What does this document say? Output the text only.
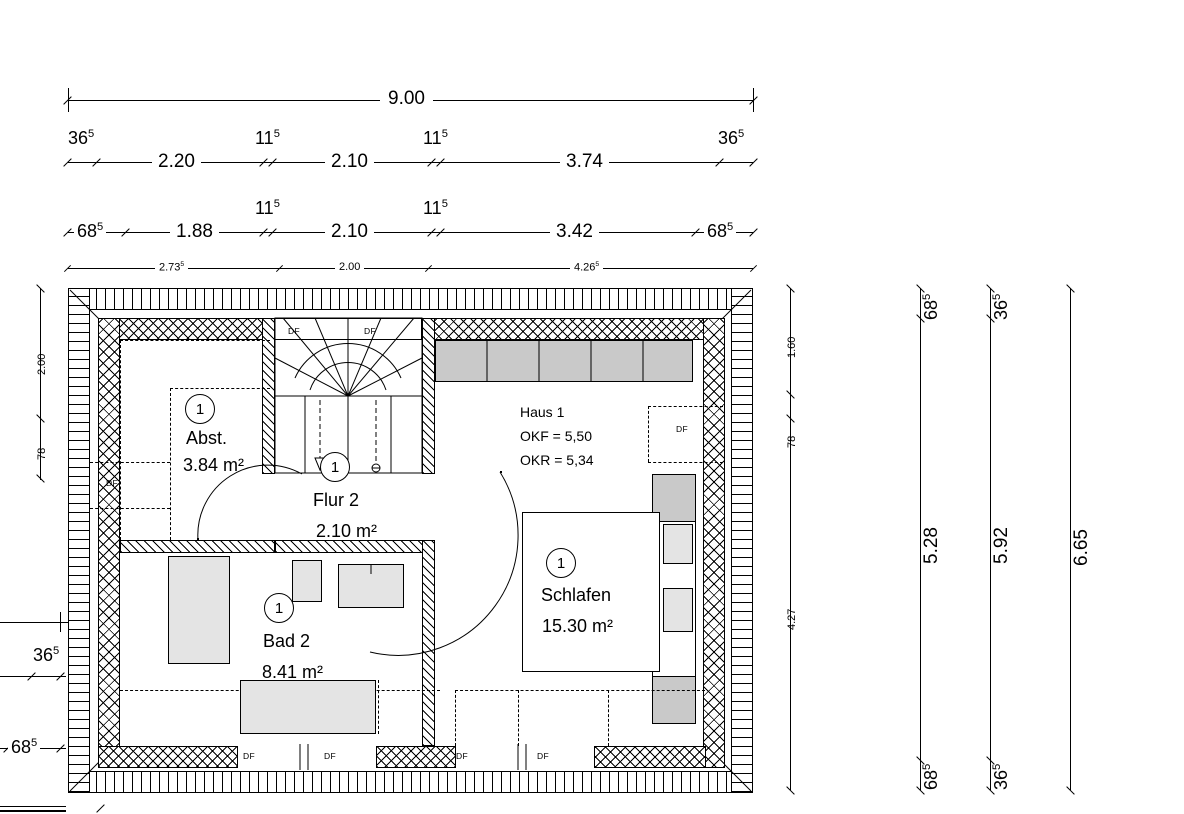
9.00
$36^5$	$11^5$	$11^5$	$36^5$
2.20	2.10	3.74
$11^5$	$11^5$
$68^5$	1.88	2.10	3.42	$68^5$
2.73$^5$	2.00	4.26$^5$
2.00
78
$36^5$
$68^5$
1.60
78
4.27
$68^5$
5.28
$68^5$
$36^5$
5.92
$36^5$
6.65
DF	DF
DF	DF	DF	DF
DF
DF
1
Abst.
3.84 m²	1
Flur 2
2.10 m²
1
Bad 2
8.41 m²
1
Schlafen
15.30 m²
Haus 1
OKF = 5,50
OKR = 5,34
